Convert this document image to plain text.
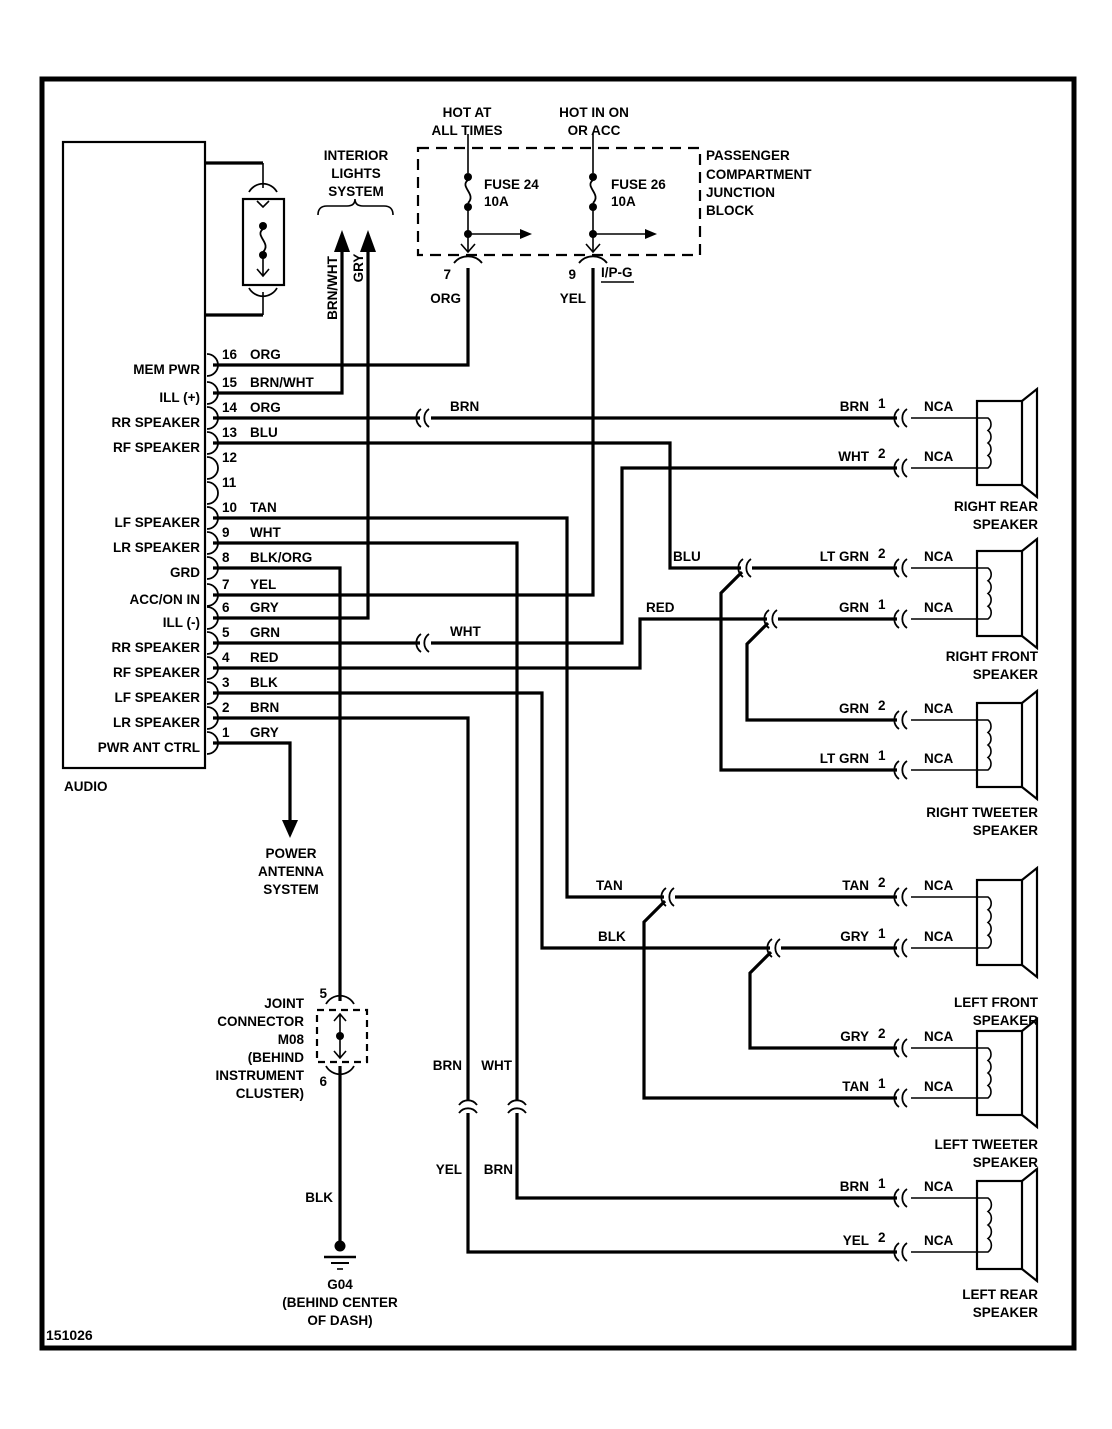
151026
AUDIO
MEM PWR
16 ORG
ILL (+)
15 BRN/WHT
RR SPEAKER
14 ORG
RF SPEAKER
13 BLU
12
11
LF SPEAKER
10 TAN
LR SPEAKER
9 WHT
GRD
8 BLK/ORG
ACC/ON IN
7 YEL
ILL (-)
6 GRY
RR SPEAKER
5 GRN
RF SPEAKER
4 RED
LF SPEAKER
3 BLK
LR SPEAKER
2 BRN
PWR ANT CTRL
1 GRY
HOT AT
ALL TIMES
HOT IN ON
OR ACC
PASSENGER
COMPARTMENT
JUNCTION
BLOCK
FUSE 24
10A
FUSE 26
10A
7	9 I/P-G
ORG	YEL
INTERIOR
LIGHTS
SYSTEM
BRN/WHT GRY
BRN
WHT
BLU
RED
TAN
BLK
BRN WHT
YEL BRN
POWER
ANTENNA
SYSTEM
5
6
JOINT
CONNECTOR
M08
(BEHIND
INSTRUMENT
CLUSTER)
BLK
G04
(BEHIND CENTER
OF DASH)
BRN 1	NCA
WHT 2	NCA
RIGHT REAR
SPEAKER
LT GRN 2	NCA
GRN 1	NCA
RIGHT FRONT
SPEAKER
GRN 2	NCA
LT GRN 1	NCA
RIGHT TWEETER
SPEAKER
TAN 2	NCA
GRY 1	NCA
LEFT FRONT
SPEAKER
GRY 2	NCA
TAN 1	NCA
LEFT TWEETER
SPEAKER
BRN 1	NCA
YEL 2	NCA
LEFT REAR
SPEAKER
